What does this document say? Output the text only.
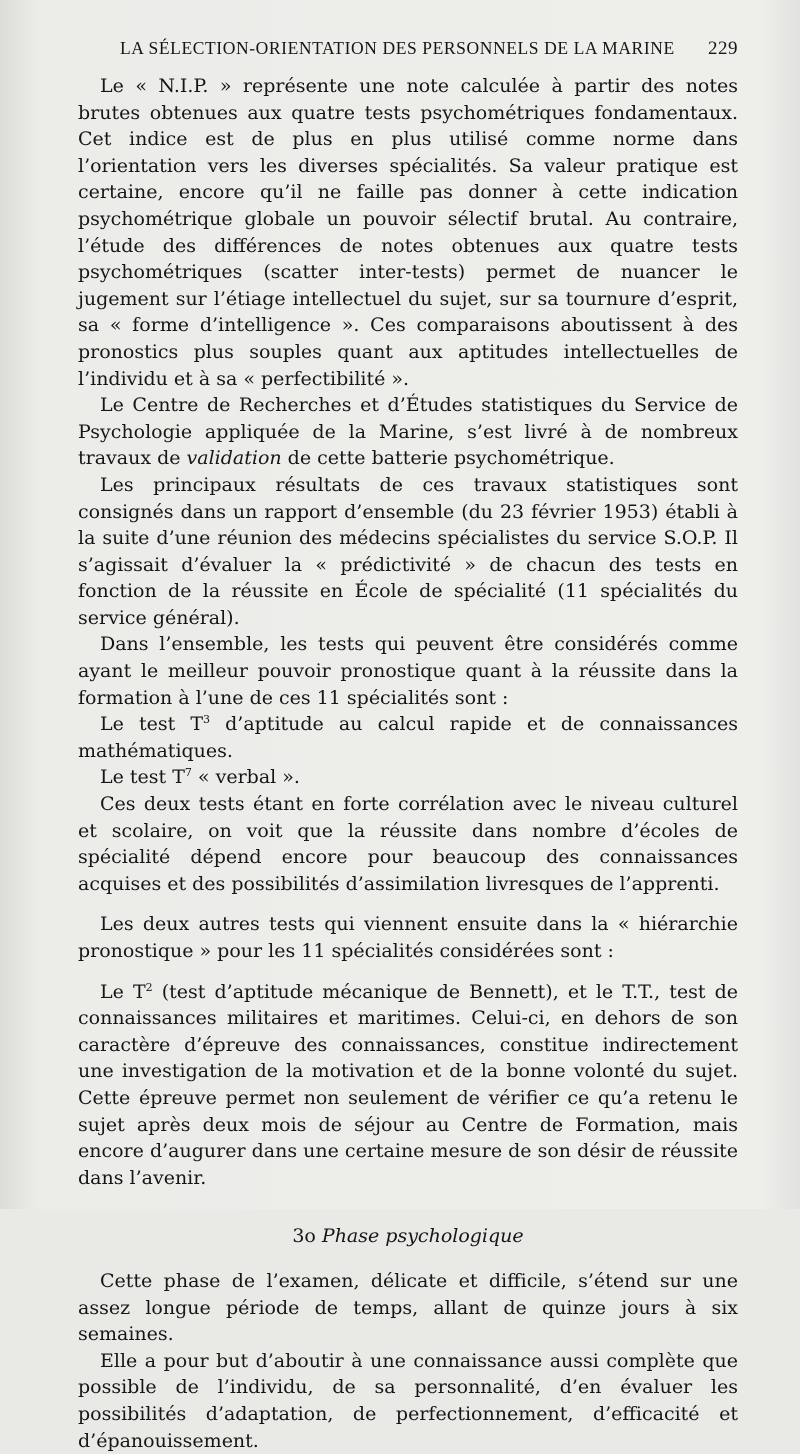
LA SÉLECTION-ORIENTATION DES PERSONNELS DE LA MARINE 229

Le « N.I.P. » représente une note calculée à partir des notes brutes obtenues aux quatre tests psychométriques fondamentaux. Cet indice est de plus en plus utilisé comme norme dans l’orientation vers les diverses spécialités. Sa valeur pratique est certaine, encore qu’il ne faille pas donner à cette indication psychométrique globale un pouvoir sélectif brutal. Au contraire, l’étude des différences de notes obtenues aux quatre tests psychométriques (scatter inter-tests) permet de nuancer le jugement sur l’étiage intellectuel du sujet, sur sa tournure d’esprit, sa « forme d’intelligence ». Ces comparaisons aboutissent à des pronostics plus souples quant aux aptitudes intellectuelles de l’individu et à sa « perfectibilité ».

Le Centre de Recherches et d’Études statistiques du Service de Psychologie appliquée de la Marine, s’est livré à de nombreux travaux de validation de cette batterie psychométrique.

Les principaux résultats de ces travaux statistiques sont consignés dans un rapport d’ensemble (du 23 février 1953) établi à la suite d’une réunion des médecins spécialistes du service S.O.P. Il s’agissait d’évaluer la « prédictivité » de chacun des tests en fonction de la réussite en École de spécialité (11 spécialités du service général).

Dans l’ensemble, les tests qui peuvent être considérés comme ayant le meilleur pouvoir pronostique quant à la réussite dans la formation à l’une de ces 11 spécialités sont :

Le test $T^3$ d’aptitude au calcul rapide et de connaissances mathématiques.

Le test $T^7$ « verbal ».

Ces deux tests étant en forte corrélation avec le niveau culturel et scolaire, on voit que la réussite dans nombre d’écoles de spécialité dépend encore pour beaucoup des connaissances acquises et des possibilités d’assimilation livresques de l’apprenti.

Les deux autres tests qui viennent ensuite dans la « hiérarchie pronostique » pour les 11 spécialités considérées sont :

Le $T^2$ (test d’aptitude mécanique de Bennett), et le T.T., test de connaissances militaires et maritimes. Celui-ci, en dehors de son caractère d’épreuve des connaissances, constitue indirectement une investigation de la motivation et de la bonne volonté du sujet. Cette épreuve permet non seulement de vérifier ce qu’a retenu le sujet après deux mois de séjour au Centre de Formation, mais encore d’augurer dans une certaine mesure de son désir de réussite dans l’avenir.

3o Phase psychologique

Cette phase de l’examen, délicate et difficile, s’étend sur une assez longue période de temps, allant de quinze jours à six semaines.

Elle a pour but d’aboutir à une connaissance aussi complète que possible de l’individu, de sa personnalité, d’en évaluer les possibilités d’adaptation, de perfectionnement, d’efficacité et d’épanouissement.
